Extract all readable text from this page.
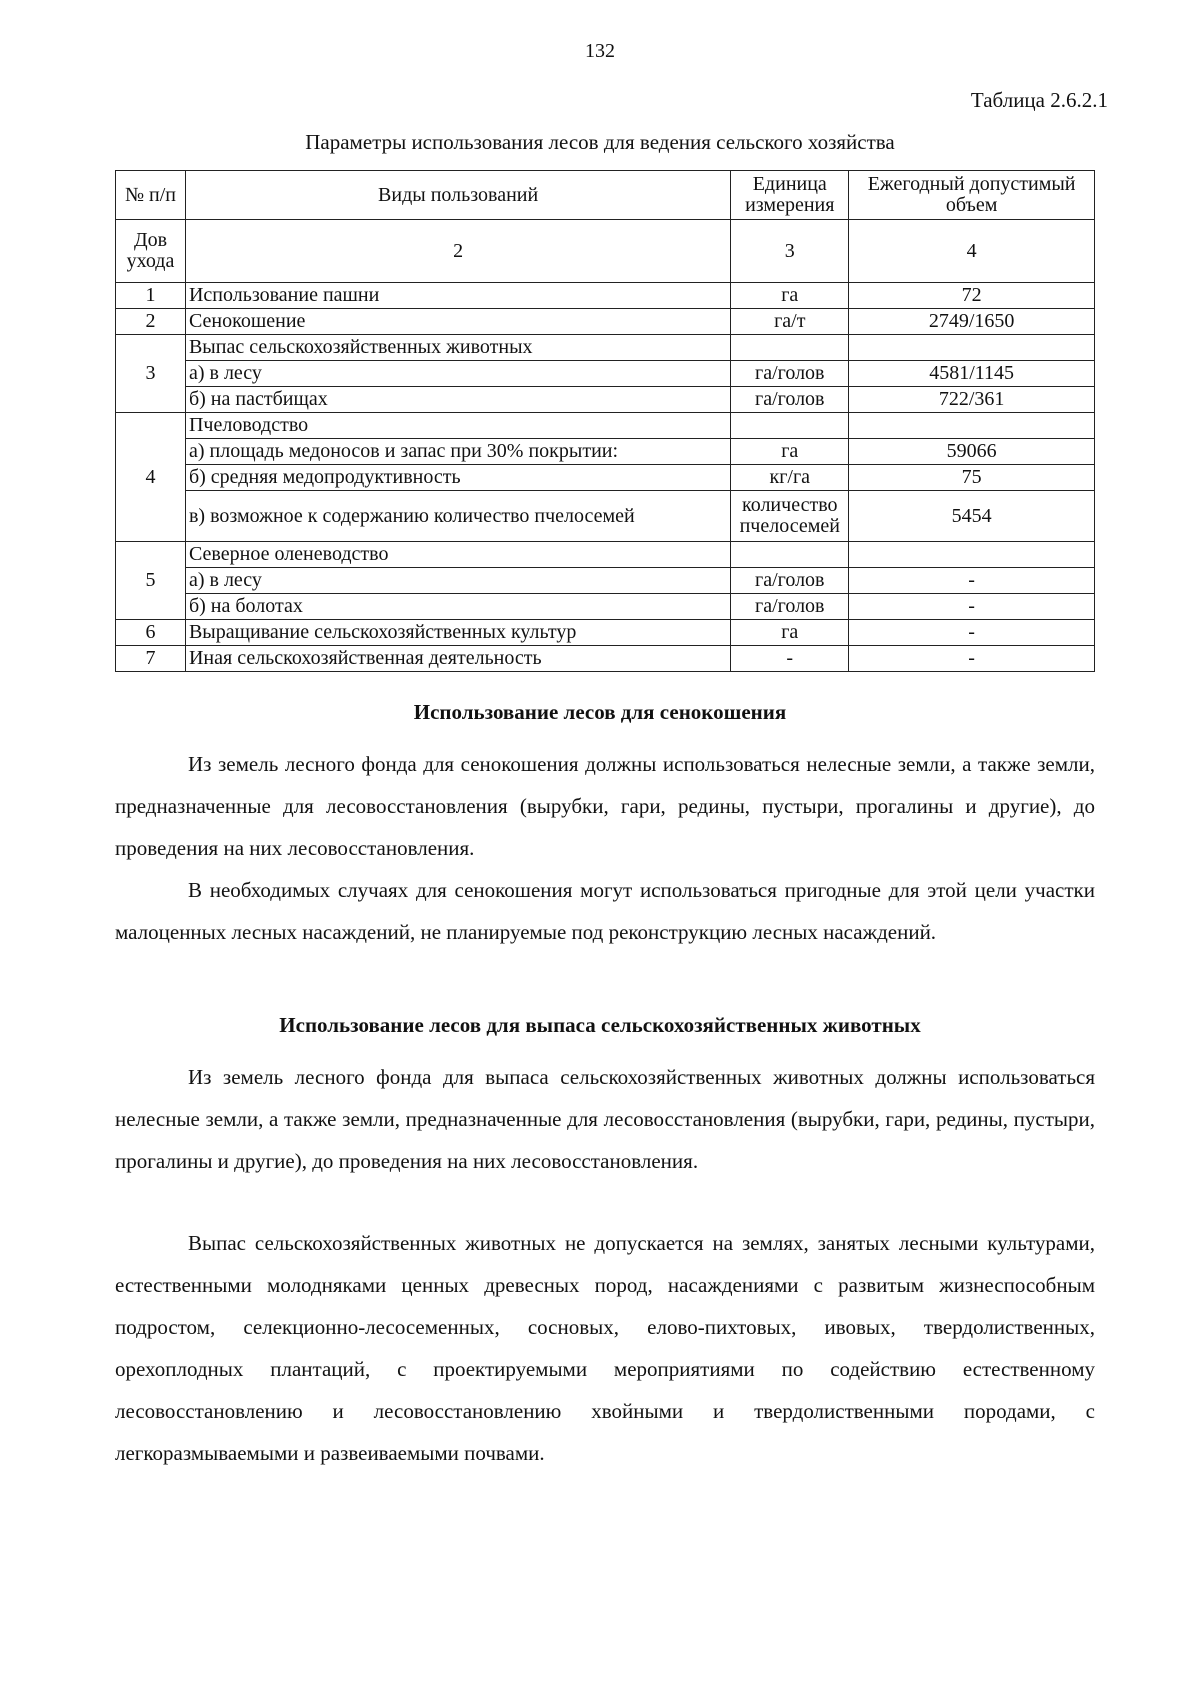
132
Таблица 2.6.2.1
Параметры использования лесов для ведения сельского хозяйства
№ п/п	Виды пользований	Единица измерения	Ежегодный допустимый объем
Дов ухода	2	3	4
1	Использование пашни	га	72
2	Сенокошение	га/т	2749/1650
3	Выпас сельскохозяйственных животных		
	а) в лесу	га/голов	4581/1145
	б) на пастбищах	га/голов	722/361
4	Пчеловодство		
	а) площадь медоносов и запас при 30% покрытии:	га	59066
	б) средняя медопродуктивность	кг/га	75
	в) возможное к содержанию количество пчелосемей	количество пчелосемей	5454
5	Северное оленеводство		
	а) в лесу	га/голов	-
	б) на болотах	га/голов	-
6	Выращивание сельскохозяйственных культур	га	-
7	Иная сельскохозяйственная деятельность	-	-
Использование лесов для сенокошения

Из земель лесного фонда для сенокошения должны использоваться нелесные земли, а также земли, предназначенные для лесовосстановления (вырубки, гари, редины, пустыри, прогалины и другие), до проведения на них лесовосстановления.

В необходимых случаях для сенокошения могут использоваться пригодные для этой цели участки малоценных лесных насаждений, не планируемые под реконструкцию лесных насаждений.

Использование лесов для выпаса сельскохозяйственных животных

Из земель лесного фонда для выпаса сельскохозяйственных животных должны использоваться нелесные земли, а также земли, предназначенные для лесовосстановления (вырубки, гари, редины, пустыри, прогалины и другие), до проведения на них лесовосстановления.

Выпас сельскохозяйственных животных не допускается на землях, занятых лесными культурами, естественными молодняками ценных древесных пород, насаждениями с развитым жизнеспособным подростом, селекционно-лесосеменных, сосновых, елово-пихтовых, ивовых, твердолиственных, орехоплодных плантаций, с проектируемыми мероприятиями по содействию естественному лесовосстановлению и лесовосстановлению хвойными и твердолиственными породами, с легкоразмываемыми и развеиваемыми почвами.
